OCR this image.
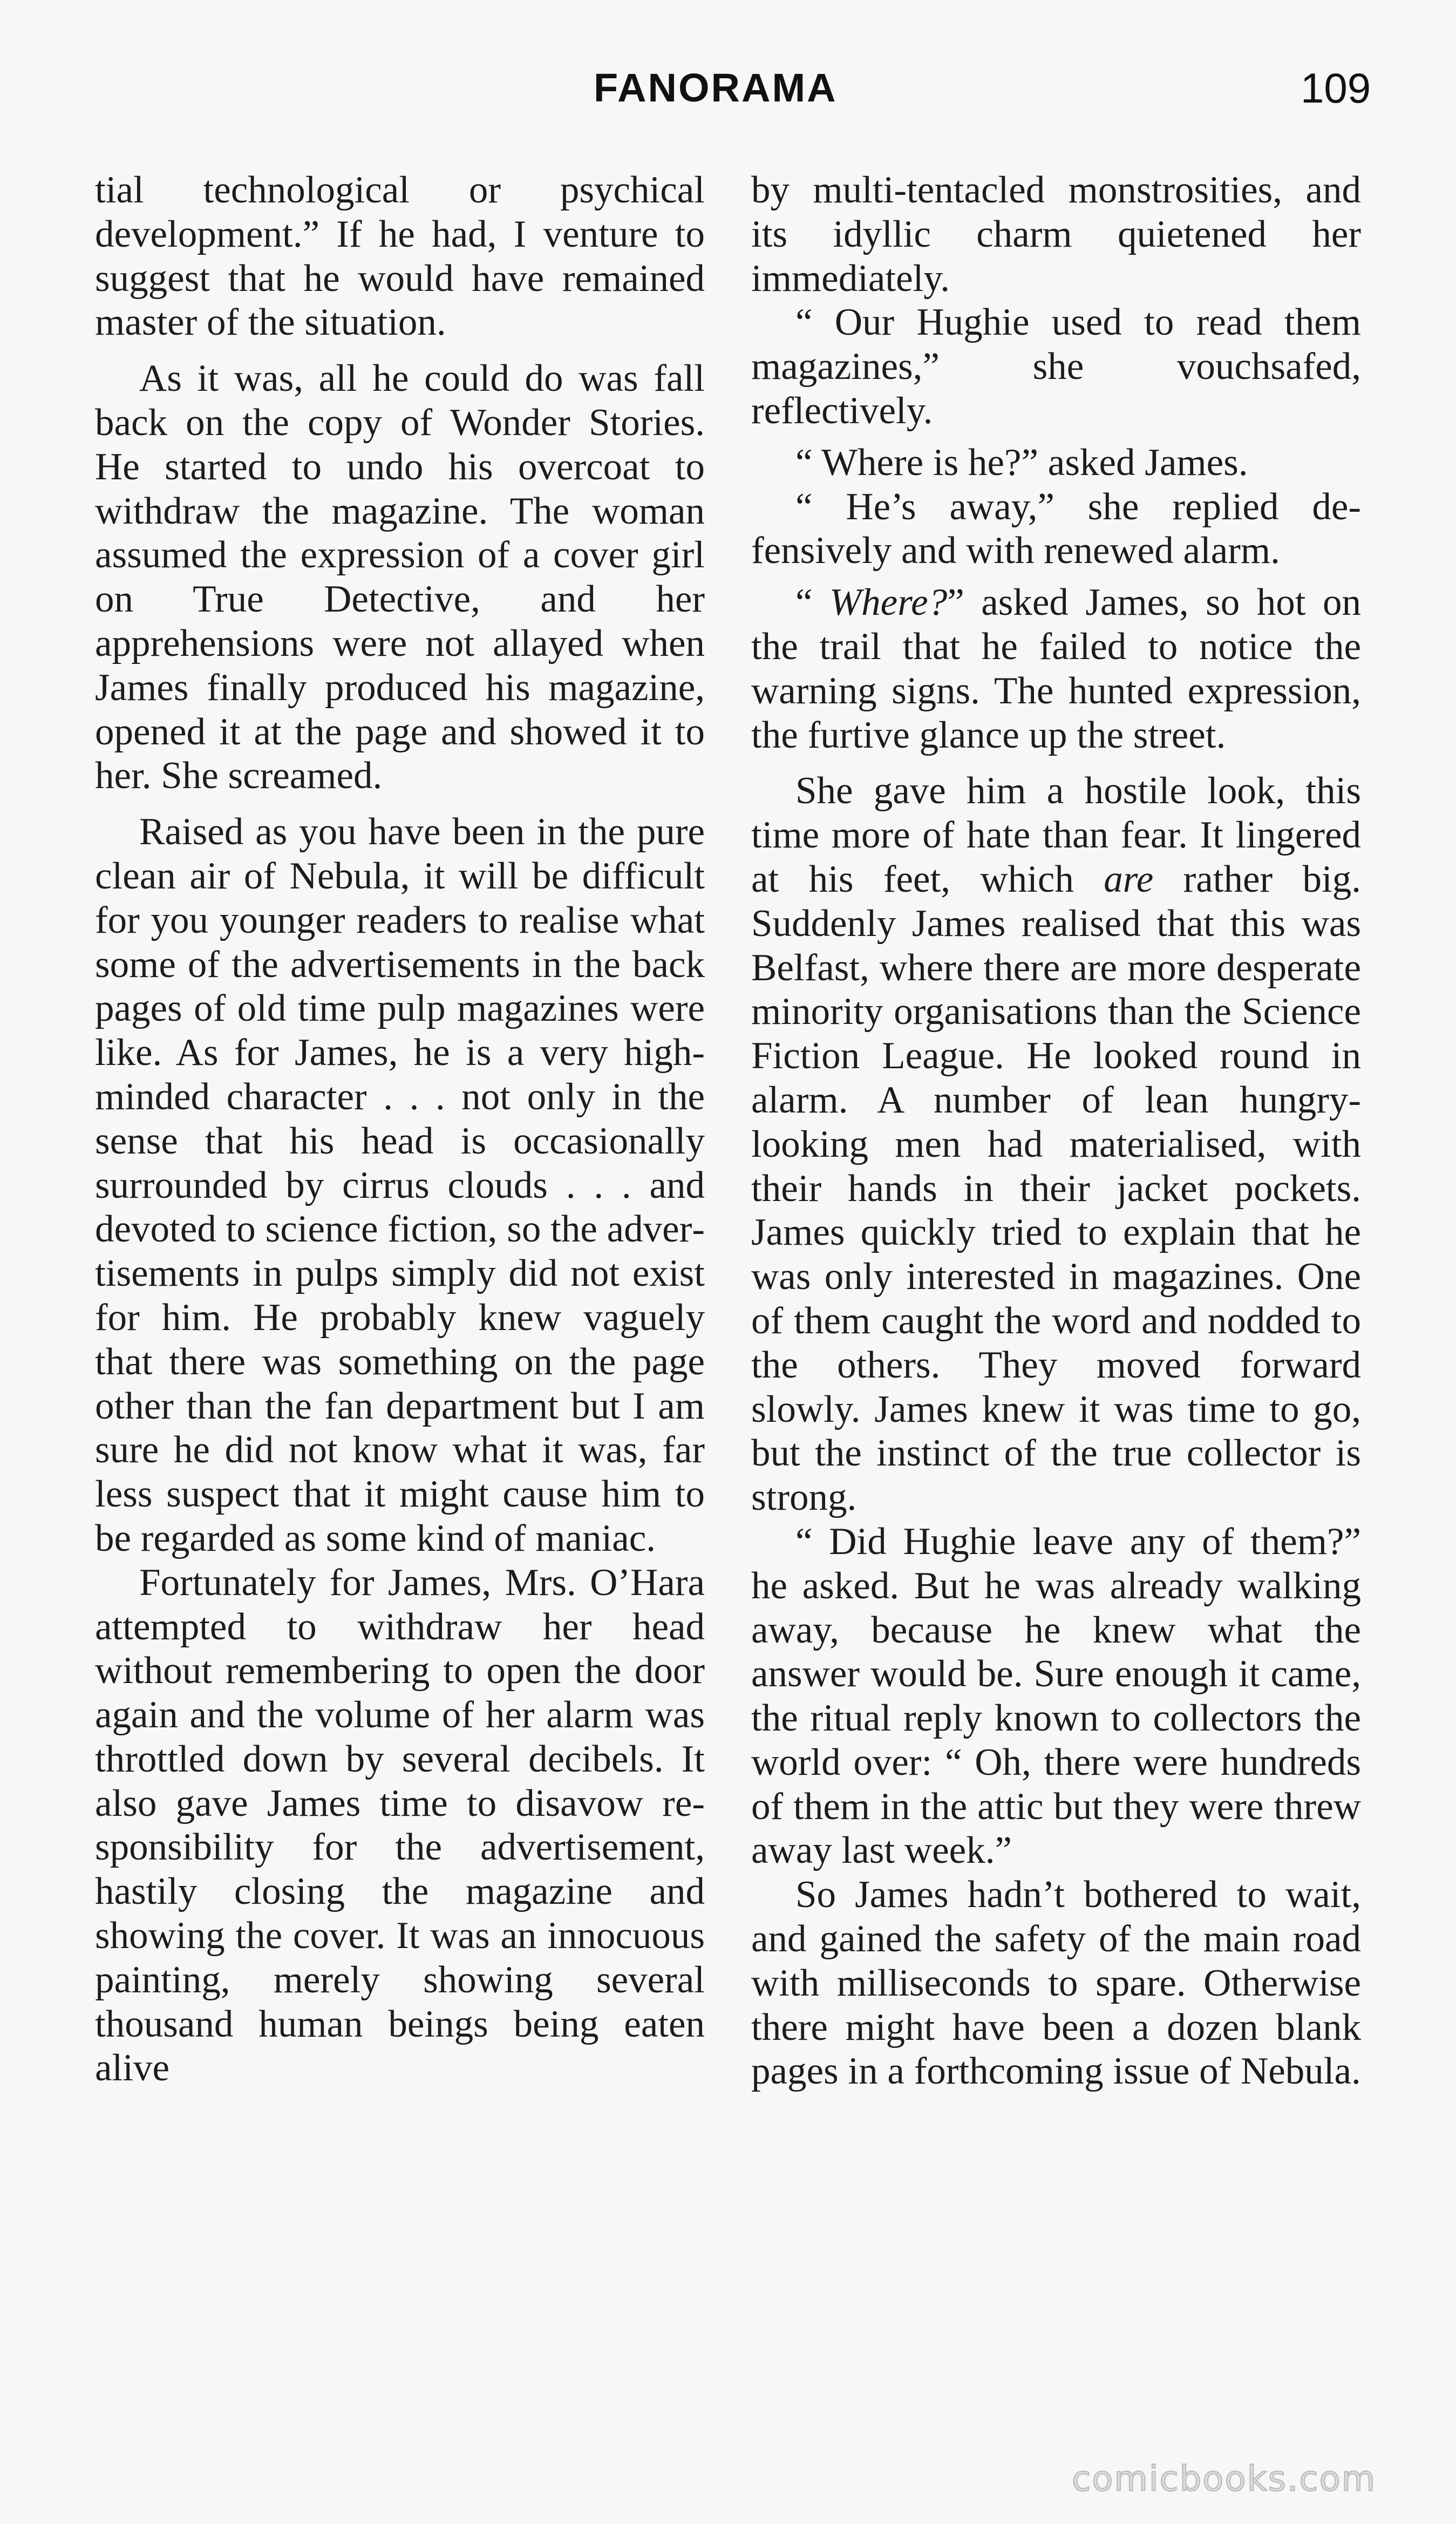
FANORAMA	109

tial technological or psychical development.” If he had, I venture to suggest that he would have remained master of the situation.

As it was, all he could do was fall back on the copy of Wonder Stories. He started to undo his overcoat to withdraw the magazine. The woman assumed the expression of a cover girl on True Detective, and her apprehensions were not allayed when James finally produced his magazine, opened it at the page and showed it to her. She screamed.

Raised as you have been in the pure clean air of Nebula, it will be difficult for you younger readers to realise what some of the advertisements in the back pages of old time pulp magazines were like. As for James, he is a very high-minded character . . . not only in the sense that his head is occasionally surrounded by cirrus clouds . . . and devoted to science fiction, so the advertisements in pulps simply did not exist for him. He probably knew vaguely that there was something on the page other than the fan department but I am sure he did not know what it was, far less suspect that it might cause him to be regarded as some kind of maniac.

Fortunately for James, Mrs. O’Hara attempted to withdraw her head without remembering to open the door again and the volume of her alarm was throttled down by several decibels. It also gave James time to disavow responsibility for the advertisement, hastily closing the magazine and showing the cover. It was an innocuous painting, merely showing several thousand human beings being eaten alive

by multi-tentacled monstrosities, and its idyllic charm quietened her immediately.

“ Our Hughie used to read them magazines,” she vouchsafed, reflectively.

“ Where is he?” asked James.

“ He’s away,” she replied defensively and with renewed alarm.

“ Where?” asked James, so hot on the trail that he failed to notice the warning signs. The hunted expression, the furtive glance up the street.

She gave him a hostile look, this time more of hate than fear. It lingered at his feet, which are rather big. Suddenly James realised that this was Belfast, where there are more desperate minority organisations than the Science Fiction League. He looked round in alarm. A number of lean hungry-looking men had materialised, with their hands in their jacket pockets. James quickly tried to explain that he was only interested in magazines. One of them caught the word and nodded to the others. They moved forward slowly. James knew it was time to go, but the instinct of the true collector is strong.

“ Did Hughie leave any of them?” he asked. But he was already walking away, because he knew what the answer would be. Sure enough it came, the ritual reply known to collectors the world over: “ Oh, there were hundreds of them in the attic but they were threw away last week.”

So James hadn’t bothered to wait, and gained the safety of the main road with milliseconds to spare. Otherwise there might have been a dozen blank pages in a forthcoming issue of Nebula.

comicbooks.com
